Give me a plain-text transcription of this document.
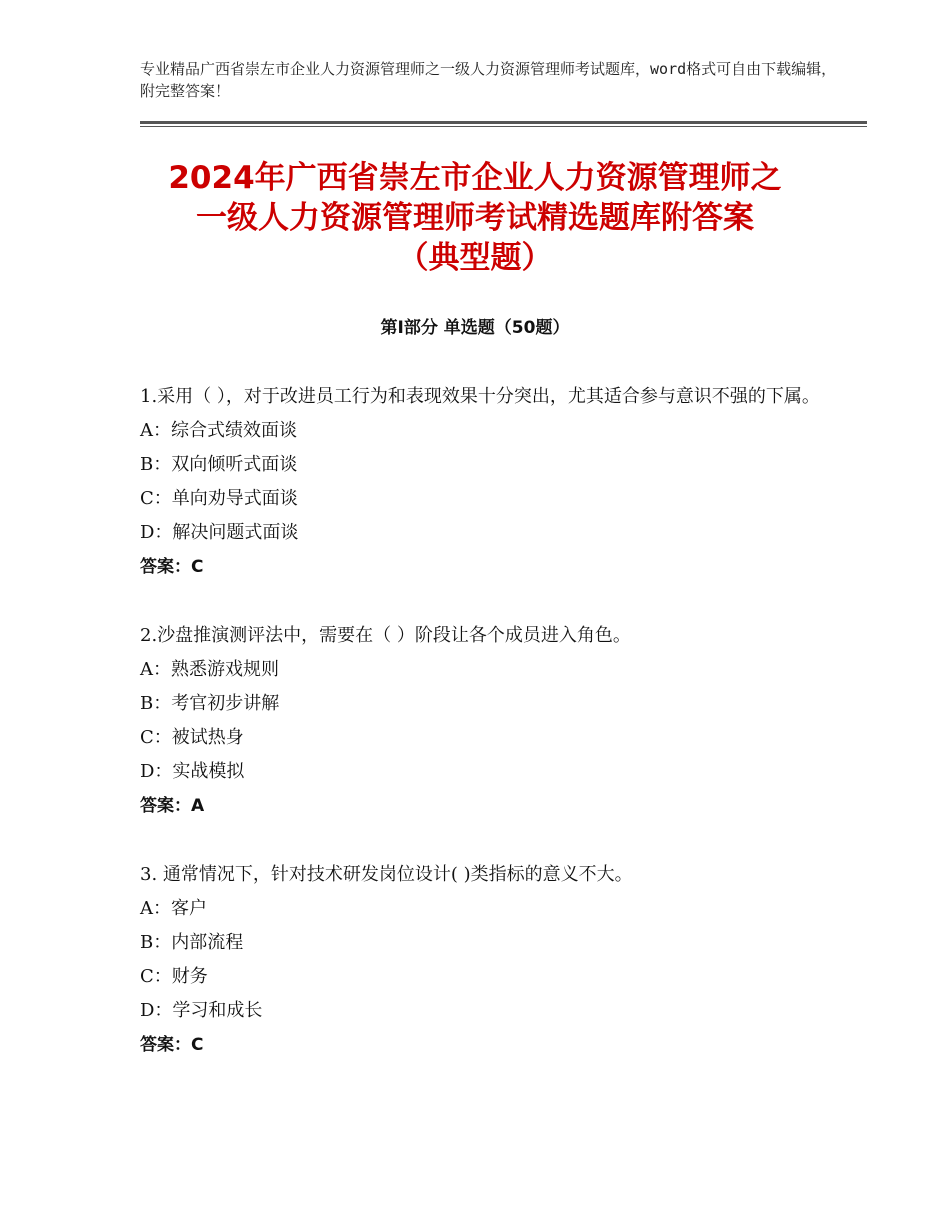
专业精品广西省崇左市企业人力资源管理师之一级人力资源管理师考试题库，word格式可自由下载编辑，附完整答案！
2024年广西省崇左市企业人力资源管理师之
一级人力资源管理师考试精选题库附答案
（典型题）
第Ⅰ部分 单选题（50题）

1.采用（ ），对于改进员工行为和表现效果十分突出，尤其适合参与意识不强的下属。

A：综合式绩效面谈

B：双向倾听式面谈

C：单向劝导式面谈

D：解决问题式面谈

答案：C

2.沙盘推演测评法中，需要在（ ）阶段让各个成员进入角色。

A：熟悉游戏规则

B：考官初步讲解

C：被试热身

D：实战模拟

答案：A

3. 通常情况下，针对技术研发岗位设计( )类指标的意义不大。

A：客户

B：内部流程

C：财务

D：学习和成长

答案：C
